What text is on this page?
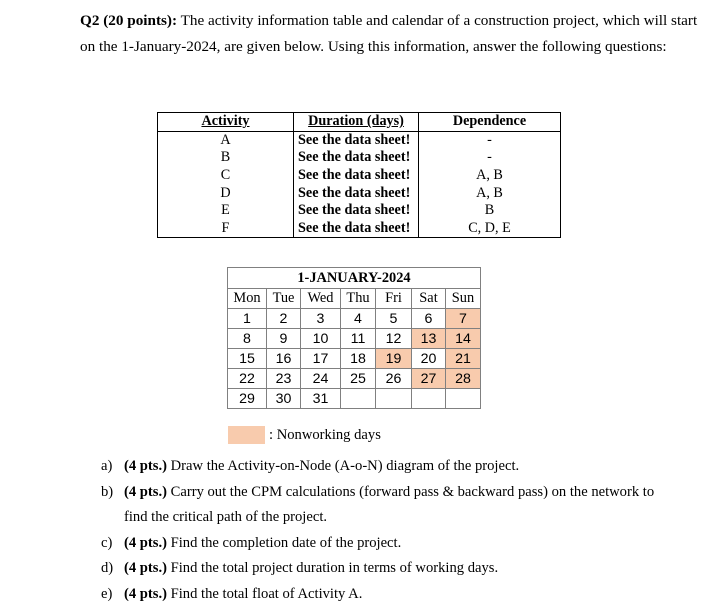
Q2 (20 points): The activity information table and calendar of a construction project, which will start on the 1-January-2024, are given below. Using this information, answer the following questions:
Activity	Duration (days)	Dependence
A	See the data sheet!	-
B	See the data sheet!	-
C	See the data sheet!	A, B
D	See the data sheet!	A, B
E	See the data sheet!	B
F	See the data sheet!	C, D, E
1-JANUARY-2024						
Mon	Tue	Wed	Thu	Fri	Sat	Sun
1	2	3	4	5	6	7
8	9	10	11	12	13	14
15	16	17	18	19	20	21
22	23	24	25	26	27	28
29	30	31				
: Nonworking days
a) (4 pts.) Draw the Activity-on-Node (A-o-N) diagram of the project.
b) (4 pts.) Carry out the CPM calculations (forward pass & backward pass) on the network to find the critical path of the project.
c) (4 pts.) Find the completion date of the project.
d) (4 pts.) Find the total project duration in terms of working days.
e) (4 pts.) Find the total float of Activity A.
